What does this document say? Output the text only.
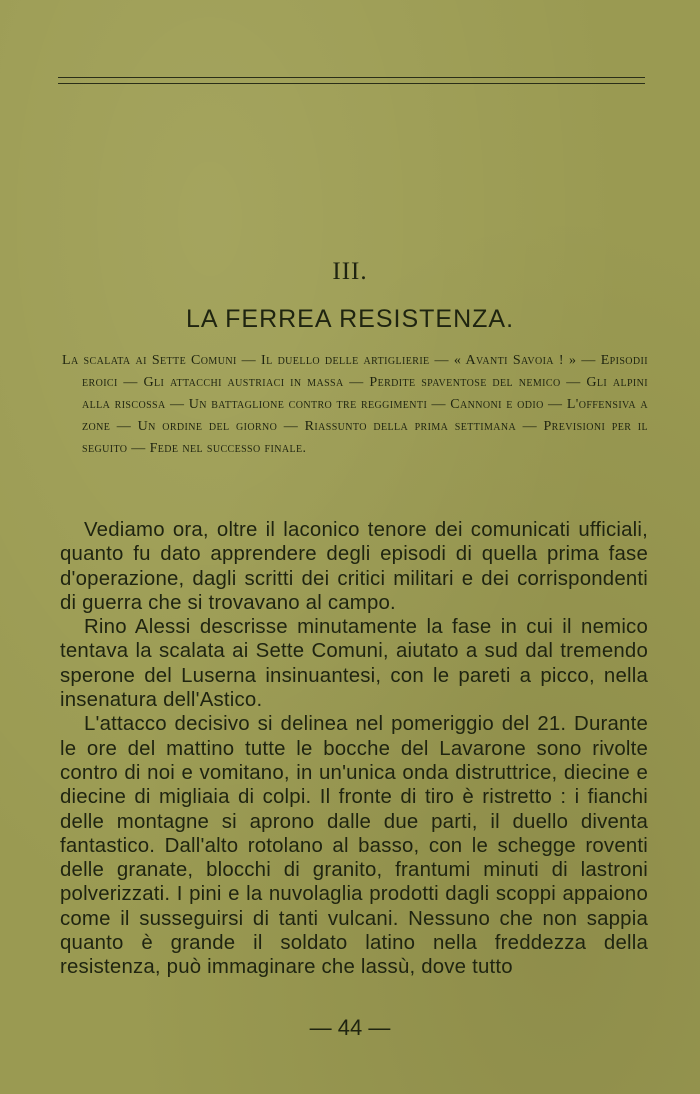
III.
LA FERREA RESISTENZA.
La scalata ai Sette Comuni — Il duello delle artiglierie — « Avanti Savoia ! » — Episodii eroici — Gli attacchi austriaci in massa — Perdite spaventose del nemico — Gli alpini alla riscossa — Un battaglione contro tre reggimenti — Cannoni e odio — L'offensiva a zone — Un ordine del giorno — Riassunto della prima settimana — Previsioni per il seguito — Fede nel successo finale.

Vediamo ora, oltre il laconico tenore dei comunicati ufficiali, quanto fu dato apprendere degli episodi di quella prima fase d'operazione, dagli scritti dei critici militari e dei corrispondenti di guerra che si trovavano al campo.

Rino Alessi descrisse minutamente la fase in cui il nemico tentava la scalata ai Sette Comuni, aiutato a sud dal tremendo sperone del Luserna insinuantesi, con le pareti a picco, nella insenatura dell'Astico.

L'attacco decisivo si delinea nel pomeriggio del 21. Durante le ore del mattino tutte le bocche del Lavarone sono rivolte contro di noi e vomitano, in un'unica onda distruttrice, diecine e diecine di migliaia di colpi. Il fronte di tiro è ristretto : i fianchi delle montagne si aprono dalle due parti, il duello diventa fantastico. Dall'alto rotolano al basso, con le schegge roventi delle granate, blocchi di granito, frantumi minuti di lastroni polverizzati. I pini e la nuvolaglia prodotti dagli scoppi appaiono come il susseguirsi di tanti vulcani. Nessuno che non sappia quanto è grande il soldato latino nella freddezza della resistenza, può immaginare che lassù, dove tutto

— 44 —
